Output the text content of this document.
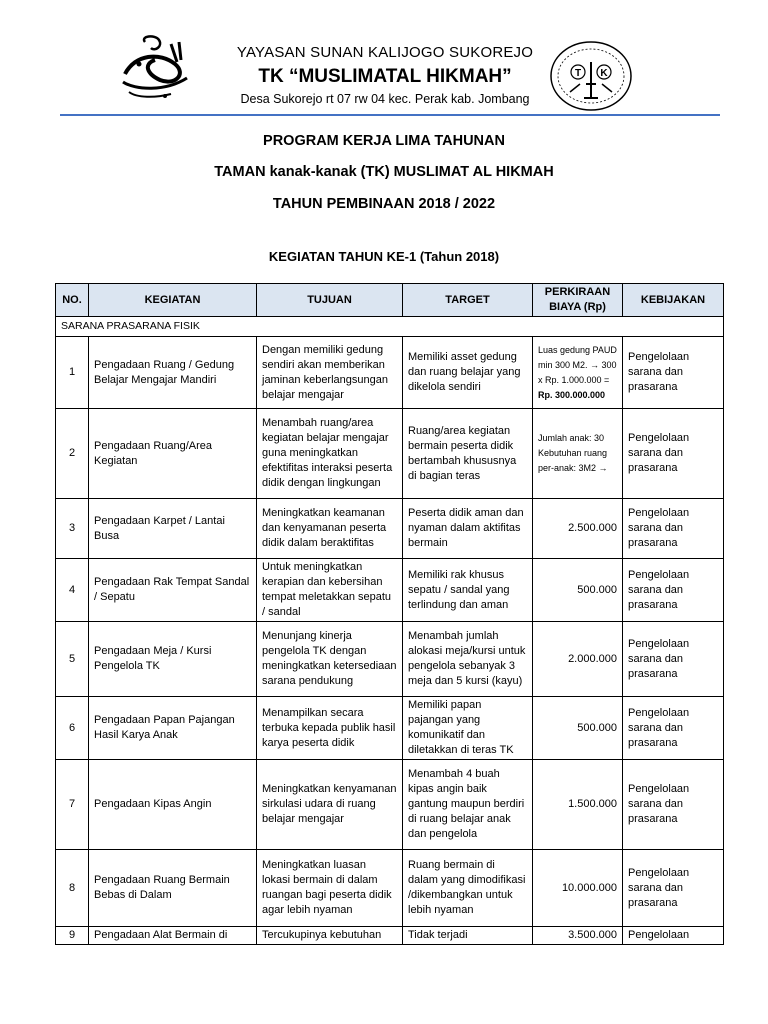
T K
YAYASAN SUNAN KALIJOGO SUKOREJO
TK “MUSLIMATAL HIKMAH”
Desa Sukorejo rt 07 rw 04 kec. Perak kab. Jombang
PROGRAM KERJA LIMA TAHUNAN
TAMAN kanak-kanak (TK) MUSLIMAT AL HIKMAH
TAHUN PEMBINAAN 2018 / 2022
KEGIATAN TAHUN KE-1 (Tahun 2018)
NO.	KEGIATAN	TUJUAN	TARGET	PERKIRAAN BIAYA (Rp)	KEBIJAKAN
SARANA PRASARANA FISIK					
1	Pengadaan Ruang / Gedung Belajar Mengajar Mandiri	Dengan memiliki gedung sendiri akan memberikan jaminan keberlangsungan belajar mengajar	Memiliki asset gedung dan ruang belajar yang dikelola sendiri	Luas gedung PAUD min 300 M2. → 300 x Rp. 1.000.000 = Rp. 300.000.000	Pengelolaan sarana dan prasarana
2	Pengadaan Ruang/Area Kegiatan	Menambah ruang/area kegiatan belajar mengajar guna meningkatkan efektifitas interaksi peserta didik dengan lingkungan	Ruang/area kegiatan bermain peserta didik bertambah khususnya di bagian teras	Jumlah anak: 30 Kebutuhan ruang per-anak: 3M2 →	Pengelolaan sarana dan prasarana
3	Pengadaan Karpet / Lantai Busa	Meningkatkan keamanan dan kenyamanan peserta didik dalam beraktifitas	Peserta didik aman dan nyaman dalam aktifitas bermain	2.500.000	Pengelolaan sarana dan prasarana
4	Pengadaan Rak Tempat Sandal / Sepatu	Untuk meningkatkan kerapian dan kebersihan tempat meletakkan sepatu / sandal	Memiliki rak khusus sepatu / sandal yang terlindung dan aman	500.000	Pengelolaan sarana dan prasarana
5	Pengadaan Meja / Kursi Pengelola TK	Menunjang kinerja pengelola TK dengan meningkatkan ketersediaan sarana pendukung	Menambah jumlah alokasi meja/kursi untuk pengelola sebanyak 3 meja dan 5 kursi (kayu)	2.000.000	Pengelolaan sarana dan prasarana
6	Pengadaan Papan Pajangan Hasil Karya Anak	Menampilkan secara terbuka kepada publik hasil karya peserta didik	Memiliki papan pajangan yang komunikatif dan diletakkan di teras TK	500.000	Pengelolaan sarana dan prasarana
7	Pengadaan Kipas Angin	Meningkatkan kenyamanan sirkulasi udara di ruang belajar mengajar	Menambah 4 buah kipas angin baik gantung maupun berdiri di ruang belajar anak dan pengelola	1.500.000	Pengelolaan sarana dan prasarana
8	Pengadaan Ruang Bermain Bebas di Dalam	Meningkatkan luasan lokasi bermain di dalam ruangan bagi peserta didik agar lebih nyaman	Ruang bermain di dalam yang dimodifikasi /dikembangkan untuk lebih nyaman	10.000.000	Pengelolaan sarana dan prasarana
9	Pengadaan Alat Bermain di	Tercukupinya kebutuhan	Tidak terjadi	3.500.000	Pengelolaan
